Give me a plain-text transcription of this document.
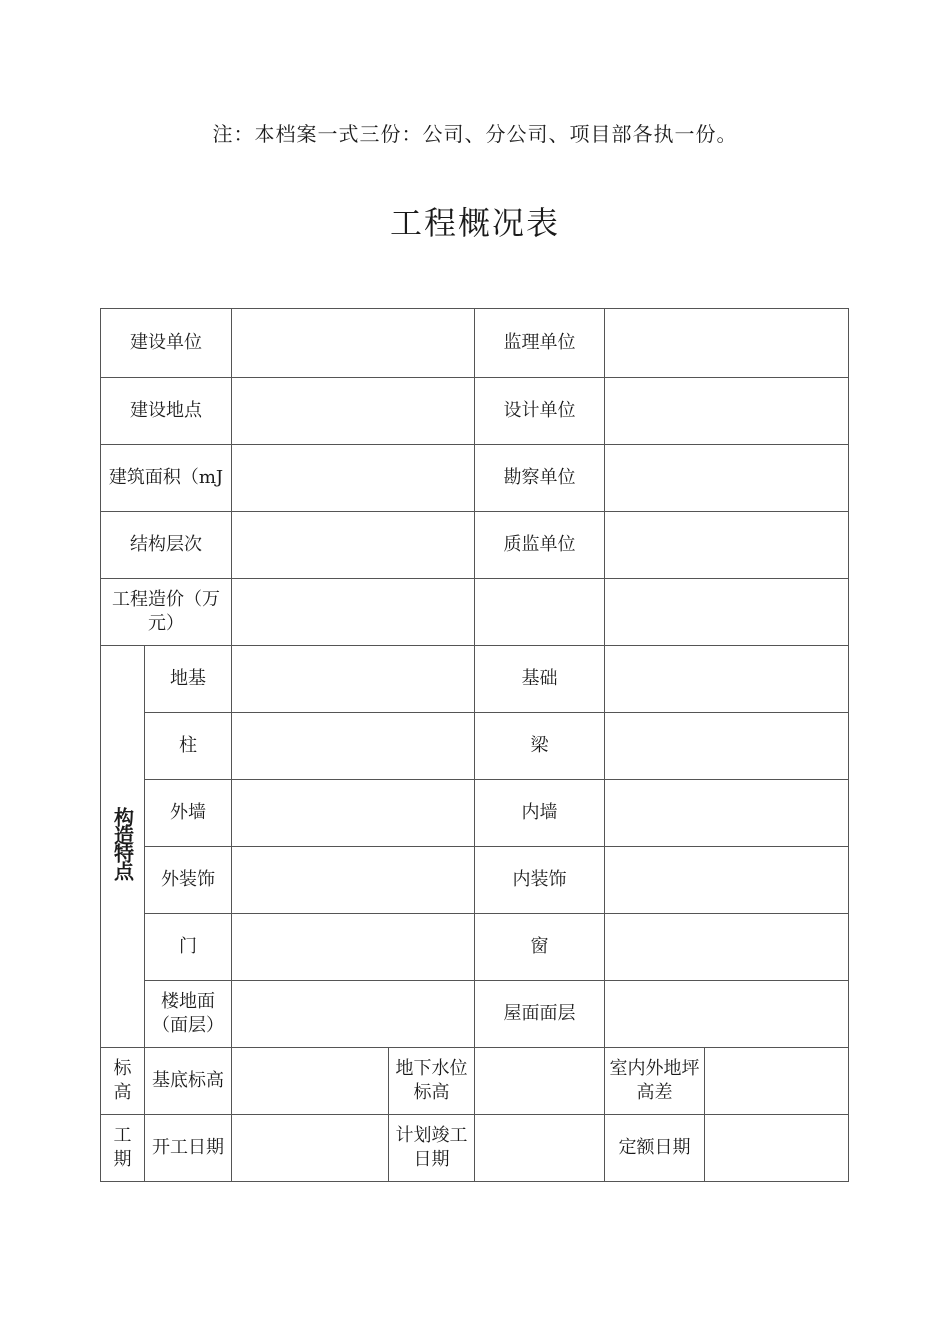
注：本档案一式三份：公司、分公司、项目部各执一份。
工程概况表
建设单位				监理单位		

建设地点				设计单位		

建筑面积（mJ				勘察单位		

结构层次				质监单位		

工程造价（万元）						

构造特点	地基			基础		

	柱			梁		

	外墙			内墙		

	外装饰			内装饰		

	门			窗		

	楼地面（面层）			屋面面层		

标高	基底标高		地下水位标高		室内外地坪高差	

工期	开工日期		计划竣工日期		定额日期	
